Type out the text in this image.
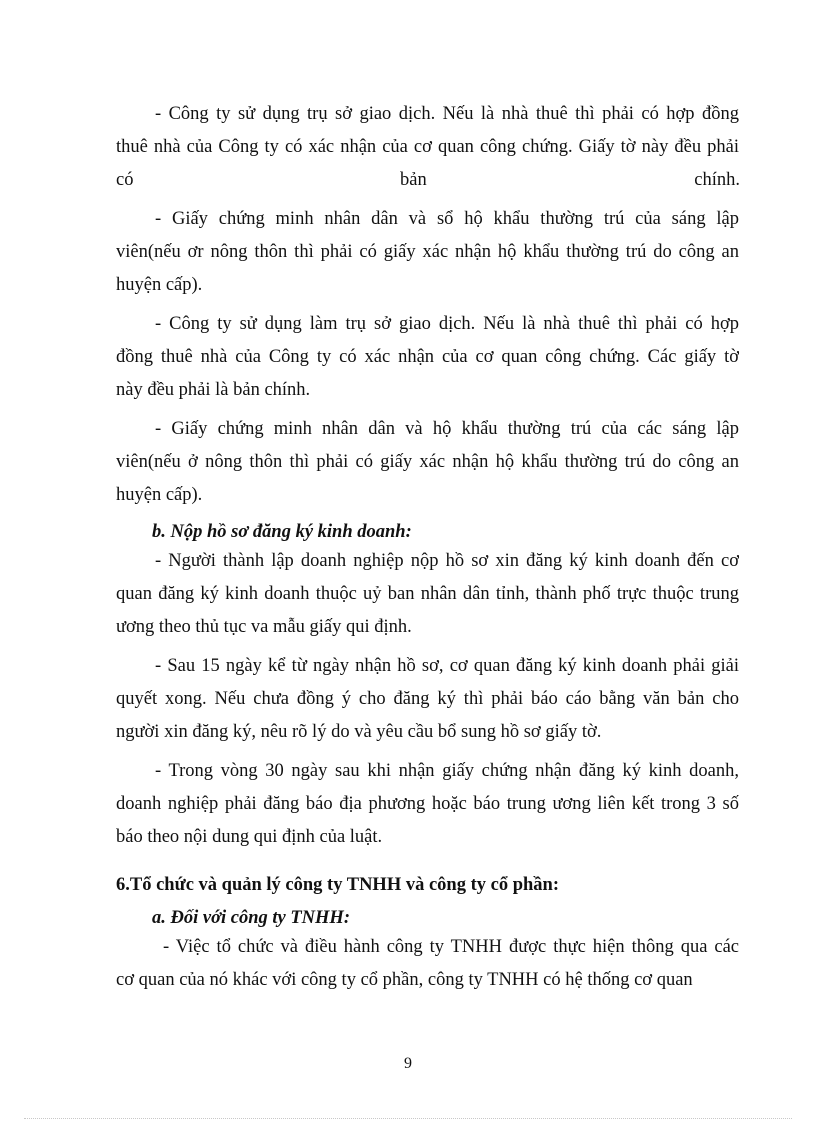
- Công ty sử dụng trụ sở giao dịch. Nếu là nhà thuê thì phải có hợp đồng
thuê nhà của Công ty có xác nhận của cơ quan công chứng. Giấy tờ này đều phải
có	bản	chính.
- Giấy chứng minh nhân dân và sổ hộ khẩu thường trú của sáng lập
viên(nếu ơr nông thôn thì phải có giấy xác nhận hộ khẩu thường trú do công an
huyện cấp).
- Công ty sử dụng làm trụ sở giao dịch. Nếu là nhà thuê thì phải có hợp
đồng thuê nhà của Công ty có xác nhận của cơ quan công chứng. Các giấy tờ
này đều phải là bản chính.
- Giấy chứng minh nhân dân và hộ khẩu thường trú của các sáng lập
viên(nếu ở nông thôn thì phải có giấy xác nhận hộ khẩu thường trú do công an
huyện cấp).
b. Nộp hồ sơ đăng ký kinh doanh:
- Người thành lập doanh nghiệp nộp hồ sơ xin đăng ký kinh doanh đến cơ
quan đăng ký kinh doanh thuộc uỷ ban nhân dân tỉnh, thành phố trực thuộc trung
ương theo thủ tục va mẫu giấy qui định.
- Sau 15 ngày kể từ ngày nhận hồ sơ, cơ quan đăng ký kinh doanh phải giải
quyết xong. Nếu chưa đồng ý cho đăng ký thì phải báo cáo bằng văn bản cho
người xin đăng ký, nêu rõ lý do và yêu cầu bổ sung hồ sơ giấy tờ.
- Trong vòng 30 ngày sau khi nhận giấy chứng nhận đăng ký kinh doanh,
doanh nghiệp phải đăng báo địa phương hoặc báo trung ương liên kết trong 3 số
báo theo nội dung qui định của luật.
6.Tổ chức và quản lý công ty TNHH và công ty cổ phần:
a. Đối với công ty TNHH:
- Việc tổ chức và điều hành công ty TNHH được thực hiện thông qua các
cơ quan của nó khác với công ty cổ phần, công ty TNHH có hệ thống cơ quan
9
